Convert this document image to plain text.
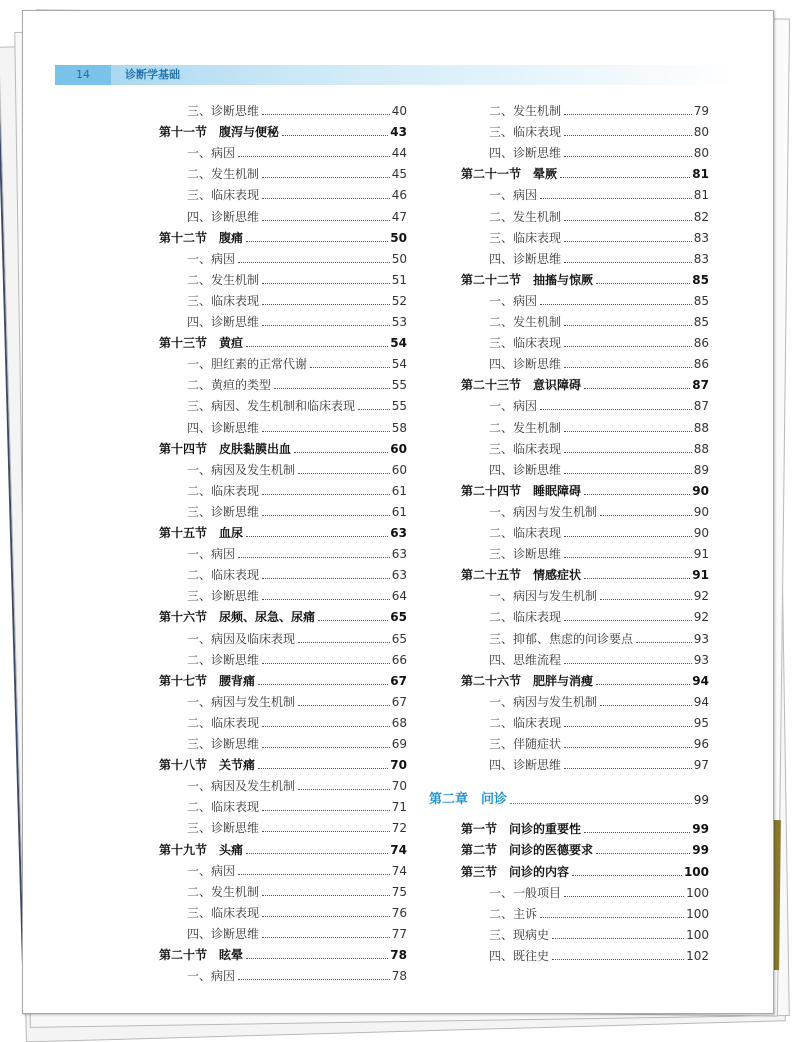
14	诊断学基础
三、诊断思维	40
第十一节　腹泻与便秘	43
一、病因	44
二、发生机制	45
三、临床表现	46
四、诊断思维	47
第十二节　腹痛	50
一、病因	50
二、发生机制	51
三、临床表现	52
四、诊断思维	53
第十三节　黄疸	54
一、胆红素的正常代谢	54
二、黄疸的类型	55
三、病因、发生机制和临床表现	55
四、诊断思维	58
第十四节　皮肤黏膜出血	60
一、病因及发生机制	60
二、临床表现	61
三、诊断思维	61
第十五节　血尿	63
一、病因	63
二、临床表现	63
三、诊断思维	64
第十六节　尿频、尿急、尿痛	65
一、病因及临床表现	65
二、诊断思维	66
第十七节　腰背痛	67
一、病因与发生机制	67
二、临床表现	68
三、诊断思维	69
第十八节　关节痛	70
一、病因及发生机制	70
二、临床表现	71
三、诊断思维	72
第十九节　头痛	74
一、病因	74
二、发生机制	75
三、临床表现	76
四、诊断思维	77
第二十节　眩晕	78
一、病因	78
二、发生机制	79
三、临床表现	80
四、诊断思维	80
第二十一节　晕厥	81
一、病因	81
二、发生机制	82
三、临床表现	83
四、诊断思维	83
第二十二节　抽搐与惊厥	85
一、病因	85
二、发生机制	85
三、临床表现	86
四、诊断思维	86
第二十三节　意识障碍	87
一、病因	87
二、发生机制	88
三、临床表现	88
四、诊断思维	89
第二十四节　睡眠障碍	90
一、病因与发生机制	90
二、临床表现	90
三、诊断思维	91
第二十五节　情感症状	91
一、病因与发生机制	92
二、临床表现	92
三、抑郁、焦虑的问诊要点	93
四、思维流程	93
第二十六节　肥胖与消瘦	94
一、病因与发生机制	94
二、临床表现	95
三、伴随症状	96
四、诊断思维	97
第二章　问诊	99
第一节　问诊的重要性	99
第二节　问诊的医德要求	99
第三节　问诊的内容	100
一、一般项目	100
二、主诉	100
三、现病史	100
四、既往史	102
